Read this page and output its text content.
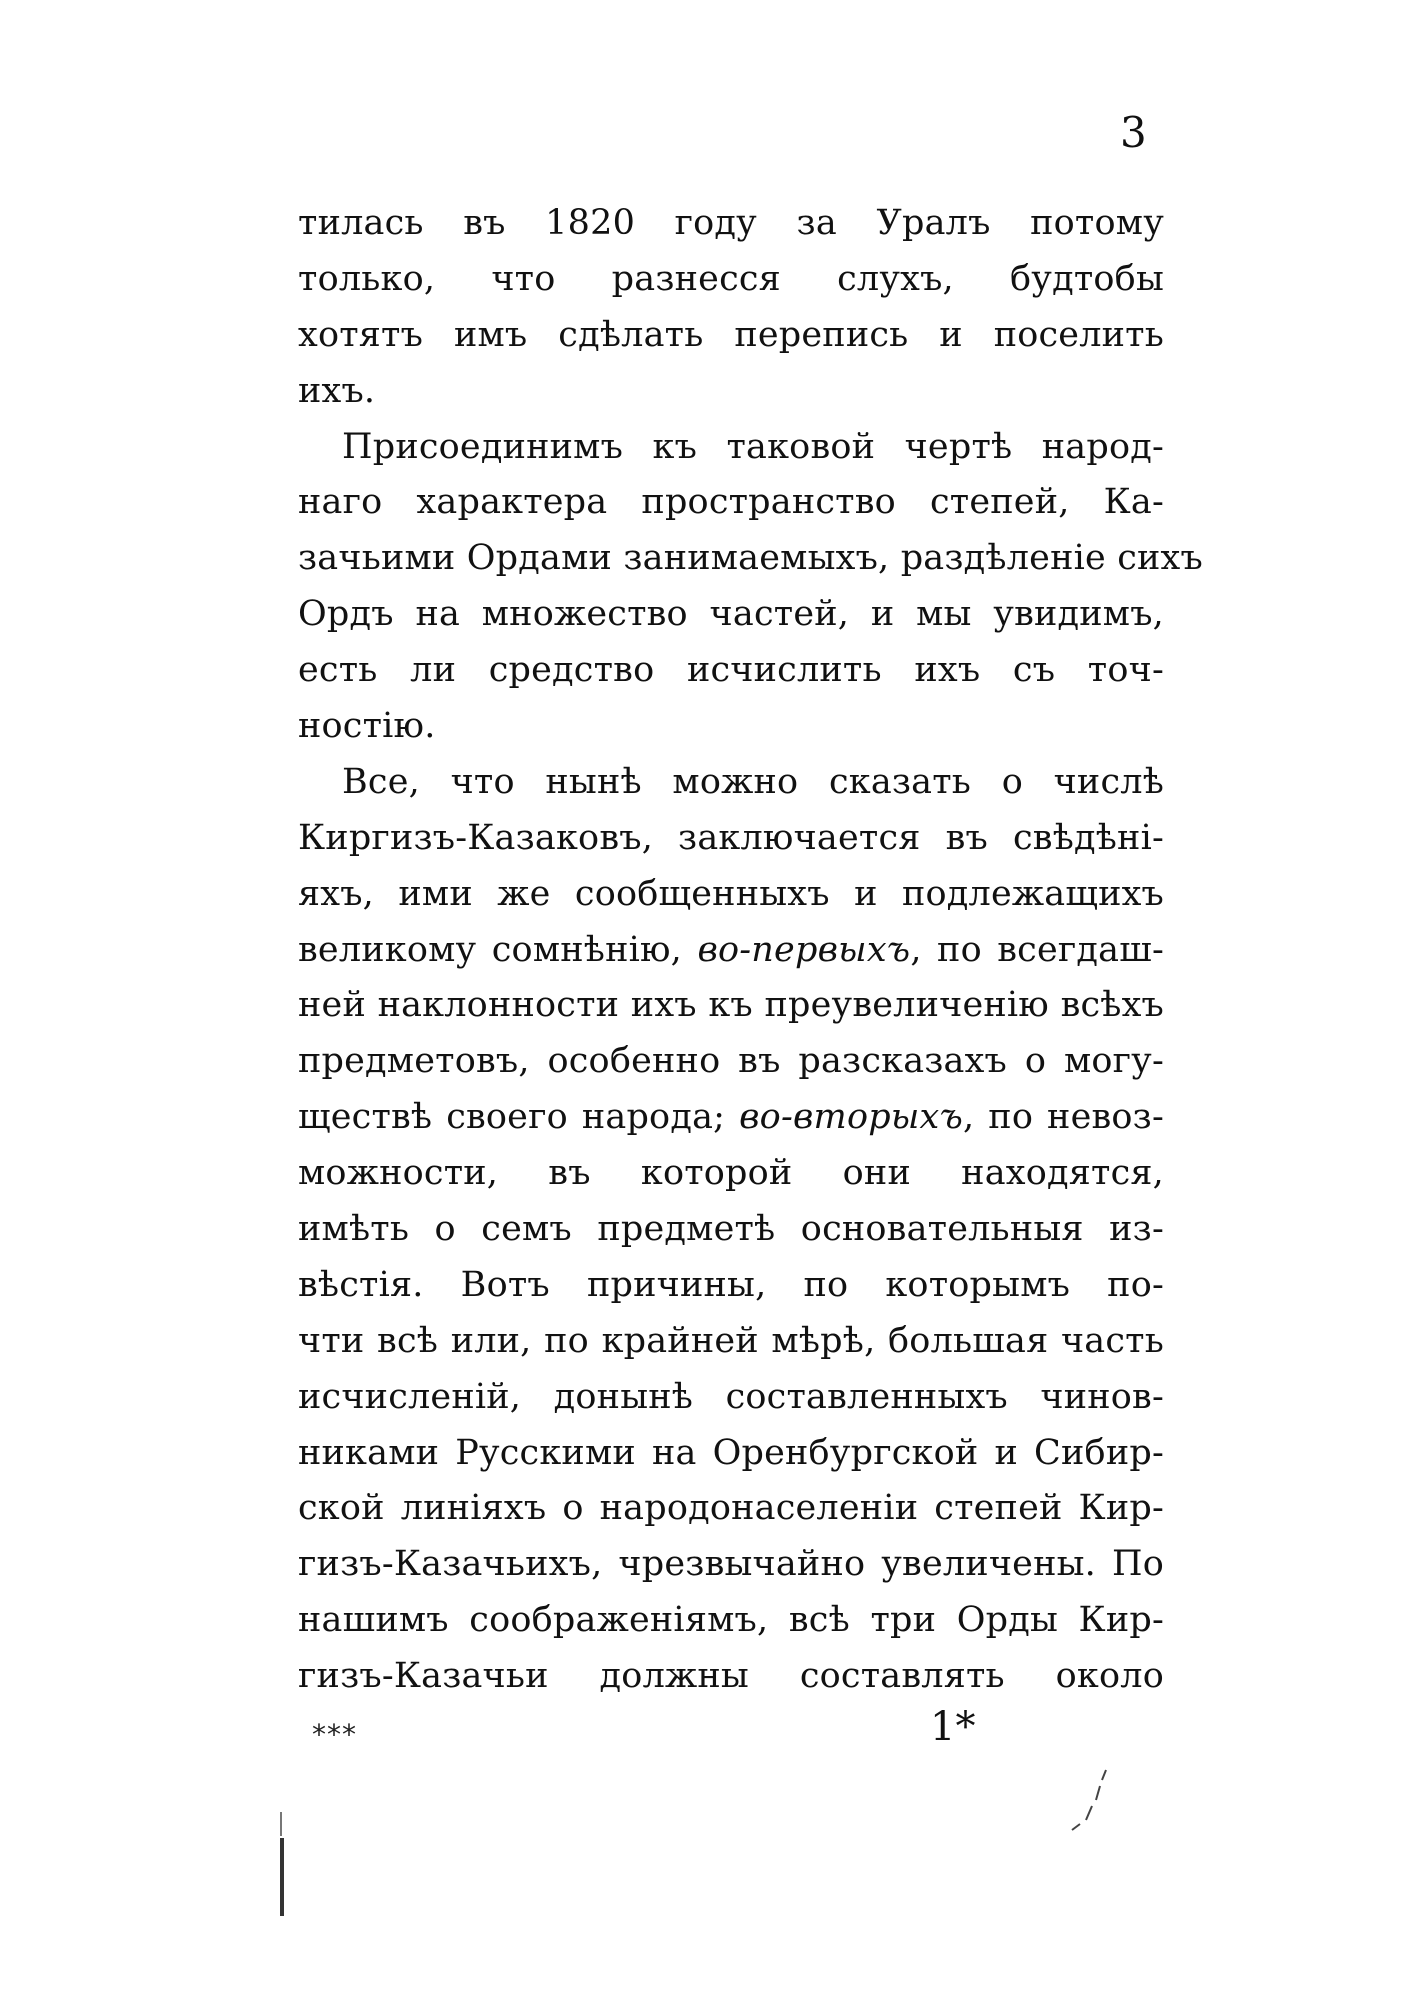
3
тилась въ 1820 году за Уралъ потому
только, что разнесся слухъ, будтобы
хотятъ имъ сдѣлать перепись и поселить
ихъ.
Присоединимъ къ таковой чертѣ народ-
наго характера пространство степей, Ка-
зачьими Ордами занимаемыхъ, раздѣленіе сихъ
Ордъ на множество частей, и мы увидимъ,
есть ли средство исчислить ихъ съ точ-
ностію.
Все, что нынѣ можно сказать о числѣ
Киргизъ-Казаковъ, заключается въ свѣдѣні-
яхъ, ими же сообщенныхъ и подлежащихъ
великому сомнѣнію, во-первыхъ, по всегдаш-
ней наклонности ихъ къ преувеличенію всѣхъ
предметовъ, особенно въ разсказахъ о могу-
ществѣ своего народа; во-вторыхъ, по невоз-
можности, въ которой они находятся,
имѣть о семъ предметѣ основательныя из-
вѣстія. Вотъ причины, по которымъ по-
чти всѣ или, по крайней мѣрѣ, большая часть
исчисленій, донынѣ составленныхъ чинов-
никами Русскими на Оренбургской и Сибир-
ской линіяхъ о народонаселеніи степей Кир-
гизъ-Казачьихъ, чрезвычайно увеличены. По
нашимъ соображеніямъ, всѣ три Орды Кир-
гизъ-Казачьи должны составлять около
***	1*
